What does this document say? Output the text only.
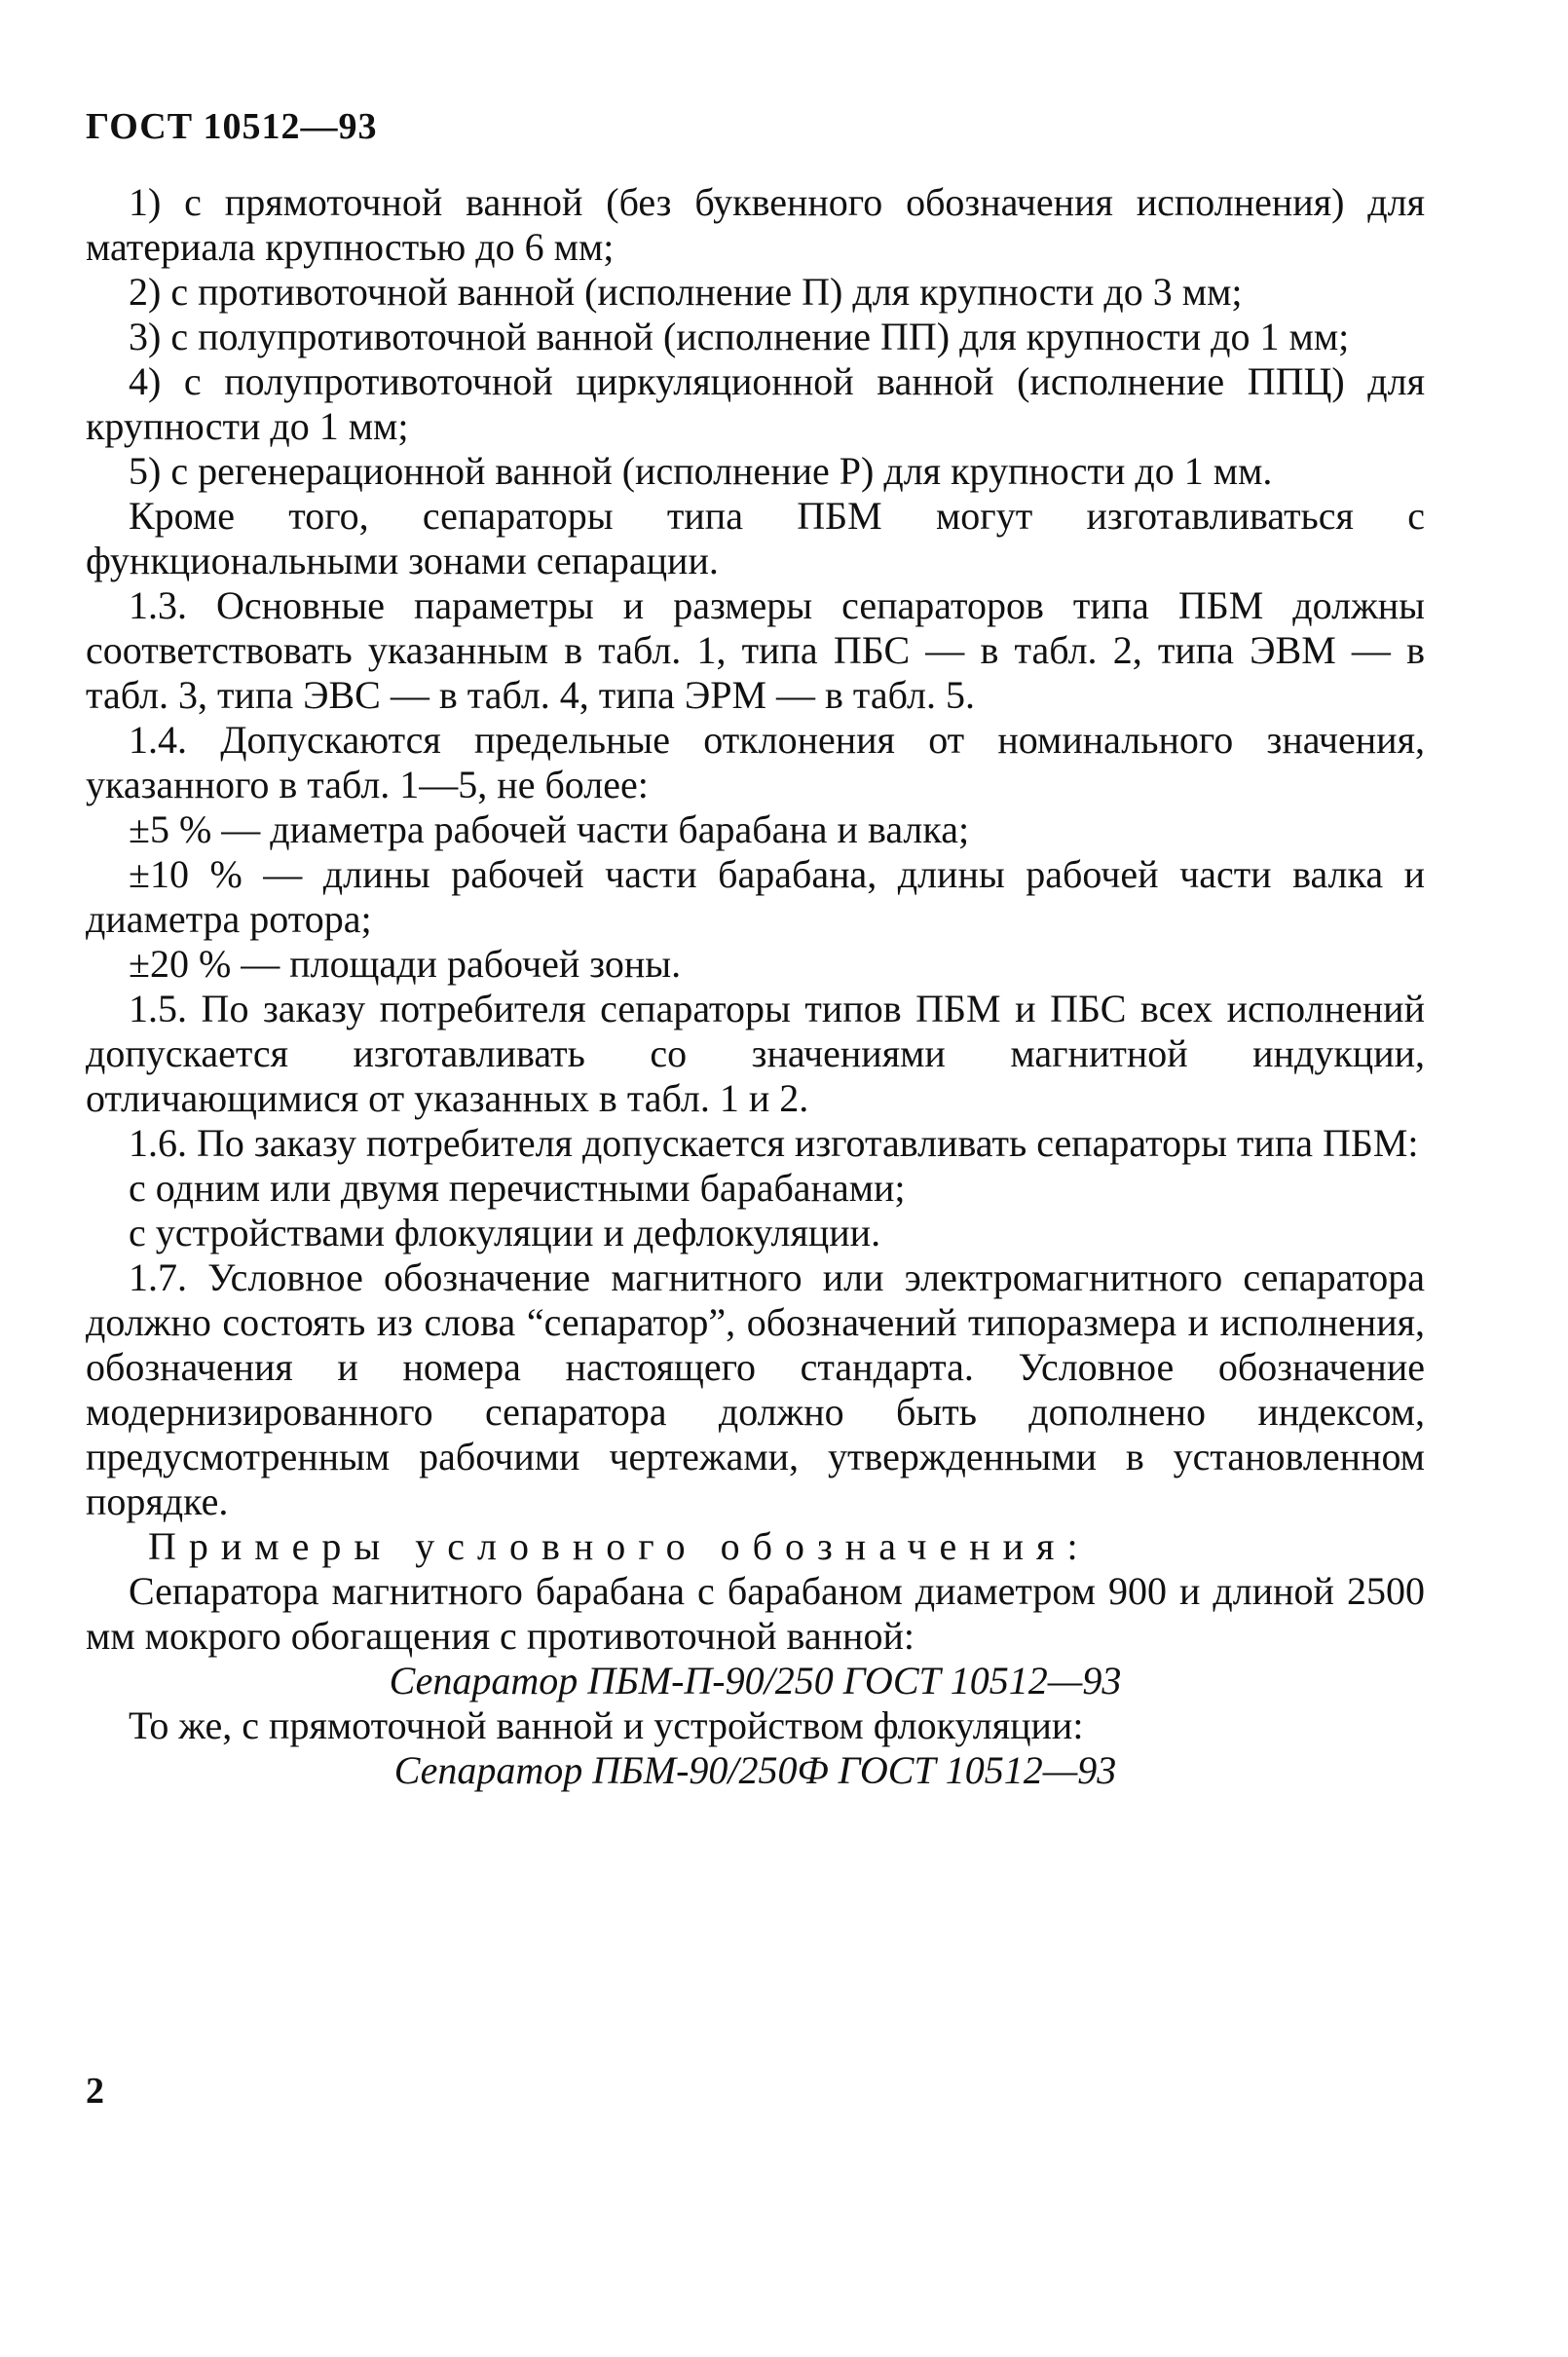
ГОСТ 10512—93

1) с прямоточной ванной (без буквенного обозначения исполнения) для материала крупностью до 6 мм;

2) с противоточной ванной (исполнение П) для крупности до 3 мм;

3) с полупротивоточной ванной (исполнение ПП) для крупности до 1 мм;

4) с полупротивоточной циркуляционной ванной (исполнение ППЦ) для крупности до 1 мм;

5) с регенерационной ванной (исполнение Р) для крупности до 1 мм.

Кроме того, сепараторы типа ПБМ могут изготавливаться с функциональными зонами сепарации.

1.3. Основные параметры и размеры сепараторов типа ПБМ должны соответствовать указанным в табл. 1, типа ПБС — в табл. 2, типа ЭВМ — в табл. 3, типа ЭВС — в табл. 4, типа ЭРМ — в табл. 5.

1.4. Допускаются предельные отклонения от номинального значения, указанного в табл. 1—5, не более:

±5 % — диаметра рабочей части барабана и валка;

±10 % — длины рабочей части барабана, длины рабочей части валка и диаметра ротора;

±20 % — площади рабочей зоны.

1.5. По заказу потребителя сепараторы типов ПБМ и ПБС всех исполнений допускается изготавливать со значениями магнитной индукции, отличающимися от указанных в табл. 1 и 2.

1.6. По заказу потребителя допускается изготавливать сепараторы типа ПБМ:

с одним или двумя перечистными барабанами;

с устройствами флокуляции и дефлокуляции.

1.7. Условное обозначение магнитного или электромагнитного сепаратора должно состоять из слова “сепаратор”, обозначений типоразмера и исполнения, обозначения и номера настоящего стандарта. Условное обозначение модернизированного сепаратора должно быть дополнено индексом, предусмотренным рабочими чертежами, утвержденными в установленном порядке.

Примеры условного обозначения:

Сепаратора магнитного барабана с барабаном диаметром 900 и длиной 2500 мм мокрого обогащения с противоточной ванной:

Сепаратор ПБМ-П-90/250 ГОСТ 10512—93

То же, с прямоточной ванной и устройством флокуляции:

Сепаратор ПБМ-90/250Ф ГОСТ 10512—93

2
